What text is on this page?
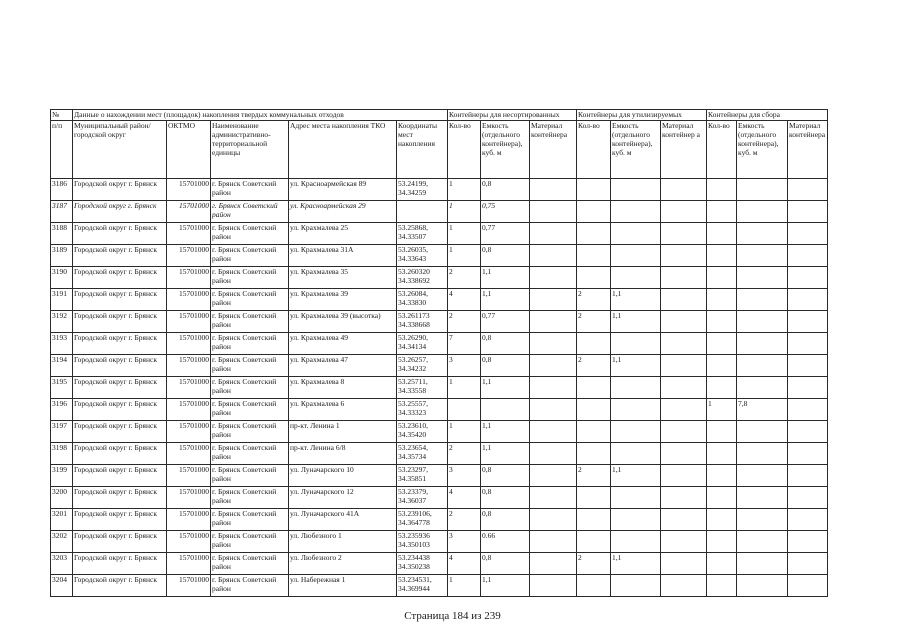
№	Данные о нахождении мест (площадок) накопления твердых коммунальных отходов					Контейнеры для несортированных			Контейнеры для утилизируемых			Контейнеры для сбора		
п/п	Муниципальный район/городской округ	ОКТМО	Наименование административно-территориальной единицы	Адрес места накопления ТКО	Координаты мест накопления	Кол-во	Емкость (отдельного контейнера), куб. м	Материал контейнера	Кол-во	Емкость (отдельного контейнера), куб. м	Материал контейнер а	Кол-во	Емкость (отдельного контейнера), куб. м	Материал контейнера
3186	Городской округ г. Брянск	15701000	г. Брянск Советский район	ул. Красноармейская 89	53.24199, 34.34259	1	0,8							
3187	Городской округ г. Брянск	15701000	г. Брянск Советский район	ул. Красноармейская 29		1	0,75							
3188	Городской округ г. Брянск	15701000	г. Брянск Советский район	ул. Крахмалева 25	53.25868, 34.33507	1	0,77							
3189	Городской округ г. Брянск	15701000	г. Брянск Советский район	ул. Крахмалева 31А	53.26035, 34.33643	1	0,8							
3190	Городской округ г. Брянск	15701000	г. Брянск Советский район	ул. Крахмалева 35	53.260320 34.338692	2	1,1							
3191	Городской округ г. Брянск	15701000	г. Брянск Советский район	ул. Крахмалева 39	53.26084, 34.33830	4	1,1		2	1,1				
3192	Городской округ г. Брянск	15701000	г. Брянск Советский район	ул. Крахмалева 39 (высотка)	53.261173 34.338668	2	0,77		2	1,1				
3193	Городской округ г. Брянск	15701000	г. Брянск Советский район	ул. Крахмалева 49	53.26290, 34.34134	7	0,8							
3194	Городской округ г. Брянск	15701000	г. Брянск Советский район	ул. Крахмалева 47	53.26257, 34.34232	3	0,8		2	1,1				
3195	Городской округ г. Брянск	15701000	г. Брянск Советский район	ул. Крахмалева 8	53.25711, 34.33558	1	1,1							
3196	Городской округ г. Брянск	15701000	г. Брянск Советский район	ул. Крахмалева 6	53.25557, 34.33323							1	7,8	
3197	Городской округ г. Брянск	15701000	г. Брянск Советский район	пр-кт. Ленина 1	53.23610, 34.35420	1	1,1							
3198	Городской округ г. Брянск	15701000	г. Брянск Советский район	пр-кт. Ленина 6/8	53.23654, 34.35734	2	1,1							
3199	Городской округ г. Брянск	15701000	г. Брянск Советский район	ул. Луначарского 10	53.23297, 34.35851	3	0,8		2	1,1				
3200	Городской округ г. Брянск	15701000	г. Брянск Советский район	ул. Луначарского 12	53.23379, 34.36037	4	0,8							
3201	Городской округ г. Брянск	15701000	г. Брянск Советский район	ул. Луначарского 41А	53.239106, 34.364778	2	0,8							
3202	Городской округ г. Брянск	15701000	г. Брянск Советский район	ул. Любезного 1	53.235936 34.350103	3	0.66							
3203	Городской округ г. Брянск	15701000	г. Брянск Советский район	ул. Любезного 2	53.234438 34.350238	4	0,8		2	1,1				
3204	Городской округ г. Брянск	15701000	г. Брянск Советский район	ул. Набережная 1	53.234531, 34.369944	1	1,1							
Страница 184 из 239
